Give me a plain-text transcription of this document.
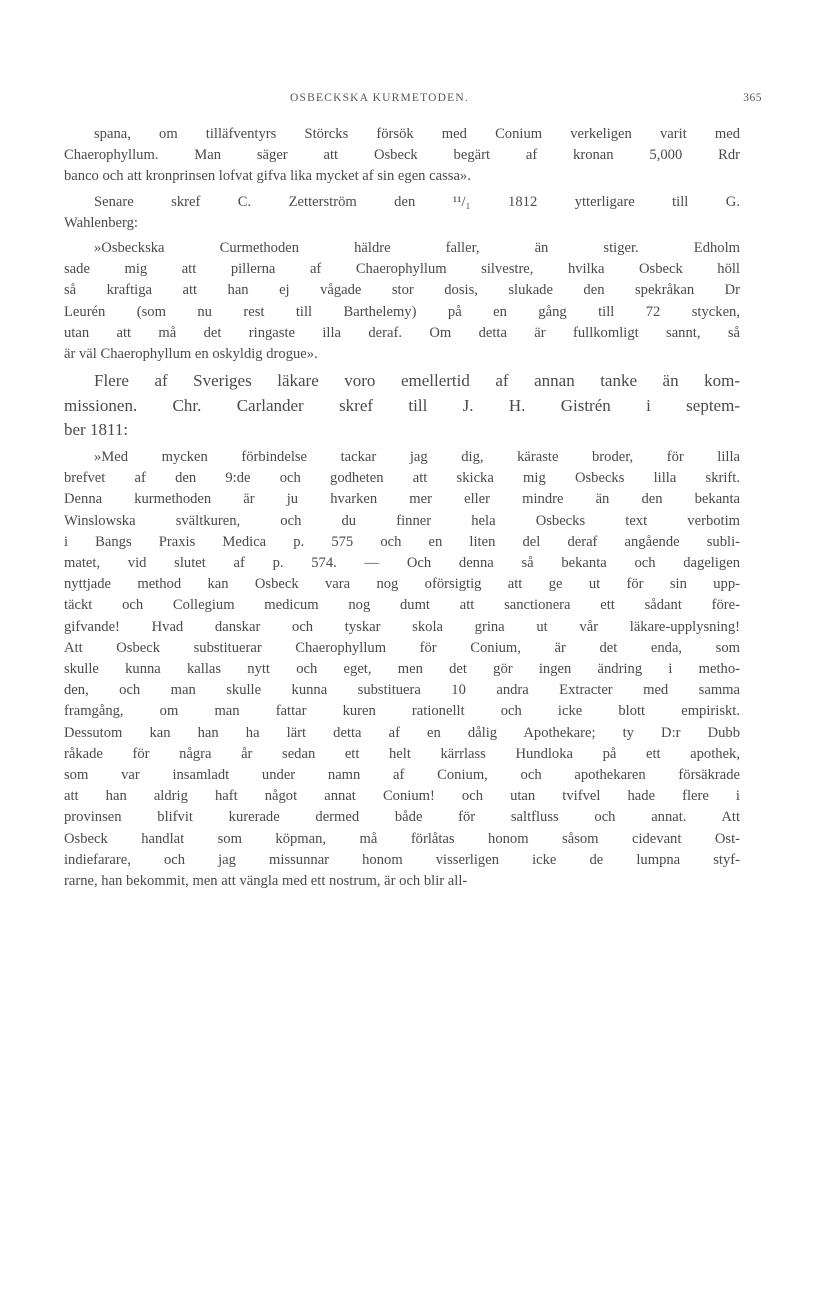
OSBECKSKA KURMETODEN.	365
spana, om tilläfventyrs Störcks försök med Conium verkeligen varit med
Chaerophyllum. Man säger att Osbeck begärt af kronan 5,000 Rdr
banco och att kronprinsen lofvat gifva lika mycket af sin egen cassa».
Senare skref C. Zetterström den ¹¹/₁ 1812 ytterligare till G.
Wahlenberg:
»Osbeckska Curmethoden häldre faller, än stiger. Edholm
sade mig att pillerna af Chaerophyllum silvestre, hvilka Osbeck höll
så kraftiga att han ej vågade stor dosis, slukade den spekråkan Dr
Leurén (som nu rest till Barthelemy) på en gång till 72 stycken,
utan att må det ringaste illa deraf. Om detta är fullkomligt sannt, så
är väl Chaerophyllum en oskyldig drogue».
Flere af Sveriges läkare voro emellertid af annan tanke än kom-
missionen. Chr. Carlander skref till J. H. Gistrén i septem-
ber 1811:
»Med mycken förbindelse tackar jag dig, käraste broder, för lilla
brefvet af den 9:de och godheten att skicka mig Osbecks lilla skrift.
Denna kurmethoden är ju hvarken mer eller mindre än den bekanta
Winslowska svältkuren, och du finner hela Osbecks text verbotim
i Bangs Praxis Medica p. 575 och en liten del deraf angående subli-
matet, vid slutet af p. 574. — Och denna så bekanta och dageligen
nyttjade method kan Osbeck vara nog oförsigtig att ge ut för sin upp-
täckt och Collegium medicum nog dumt att sanctionera ett sådant före-
gifvande! Hvad danskar och tyskar skola grina ut vår läkare-upplysning!
Att Osbeck substituerar Chaerophyllum för Conium, är det enda, som
skulle kunna kallas nytt och eget, men det gör ingen ändring i metho-
den, och man skulle kunna substituera 10 andra Extracter med samma
framgång, om man fattar kuren rationellt och icke blott empiriskt.
Dessutom kan han ha lärt detta af en dålig Apothekare; ty D:r Dubb
råkade för några år sedan ett helt kärrlass Hundloka på ett apothek,
som var insamladt under namn af Conium, och apothekaren försäkrade
att han aldrig haft något annat Conium! och utan tvifvel hade flere i
provinsen blifvit kurerade dermed både för saltfluss och annat. Att
Osbeck handlat som köpman, må förlåtas honom såsom cidevant Ost-
indiefarare, och jag missunnar honom visserligen icke de lumpna styf-
rarne, han bekommit, men att vängla med ett nostrum, är och blir all-
